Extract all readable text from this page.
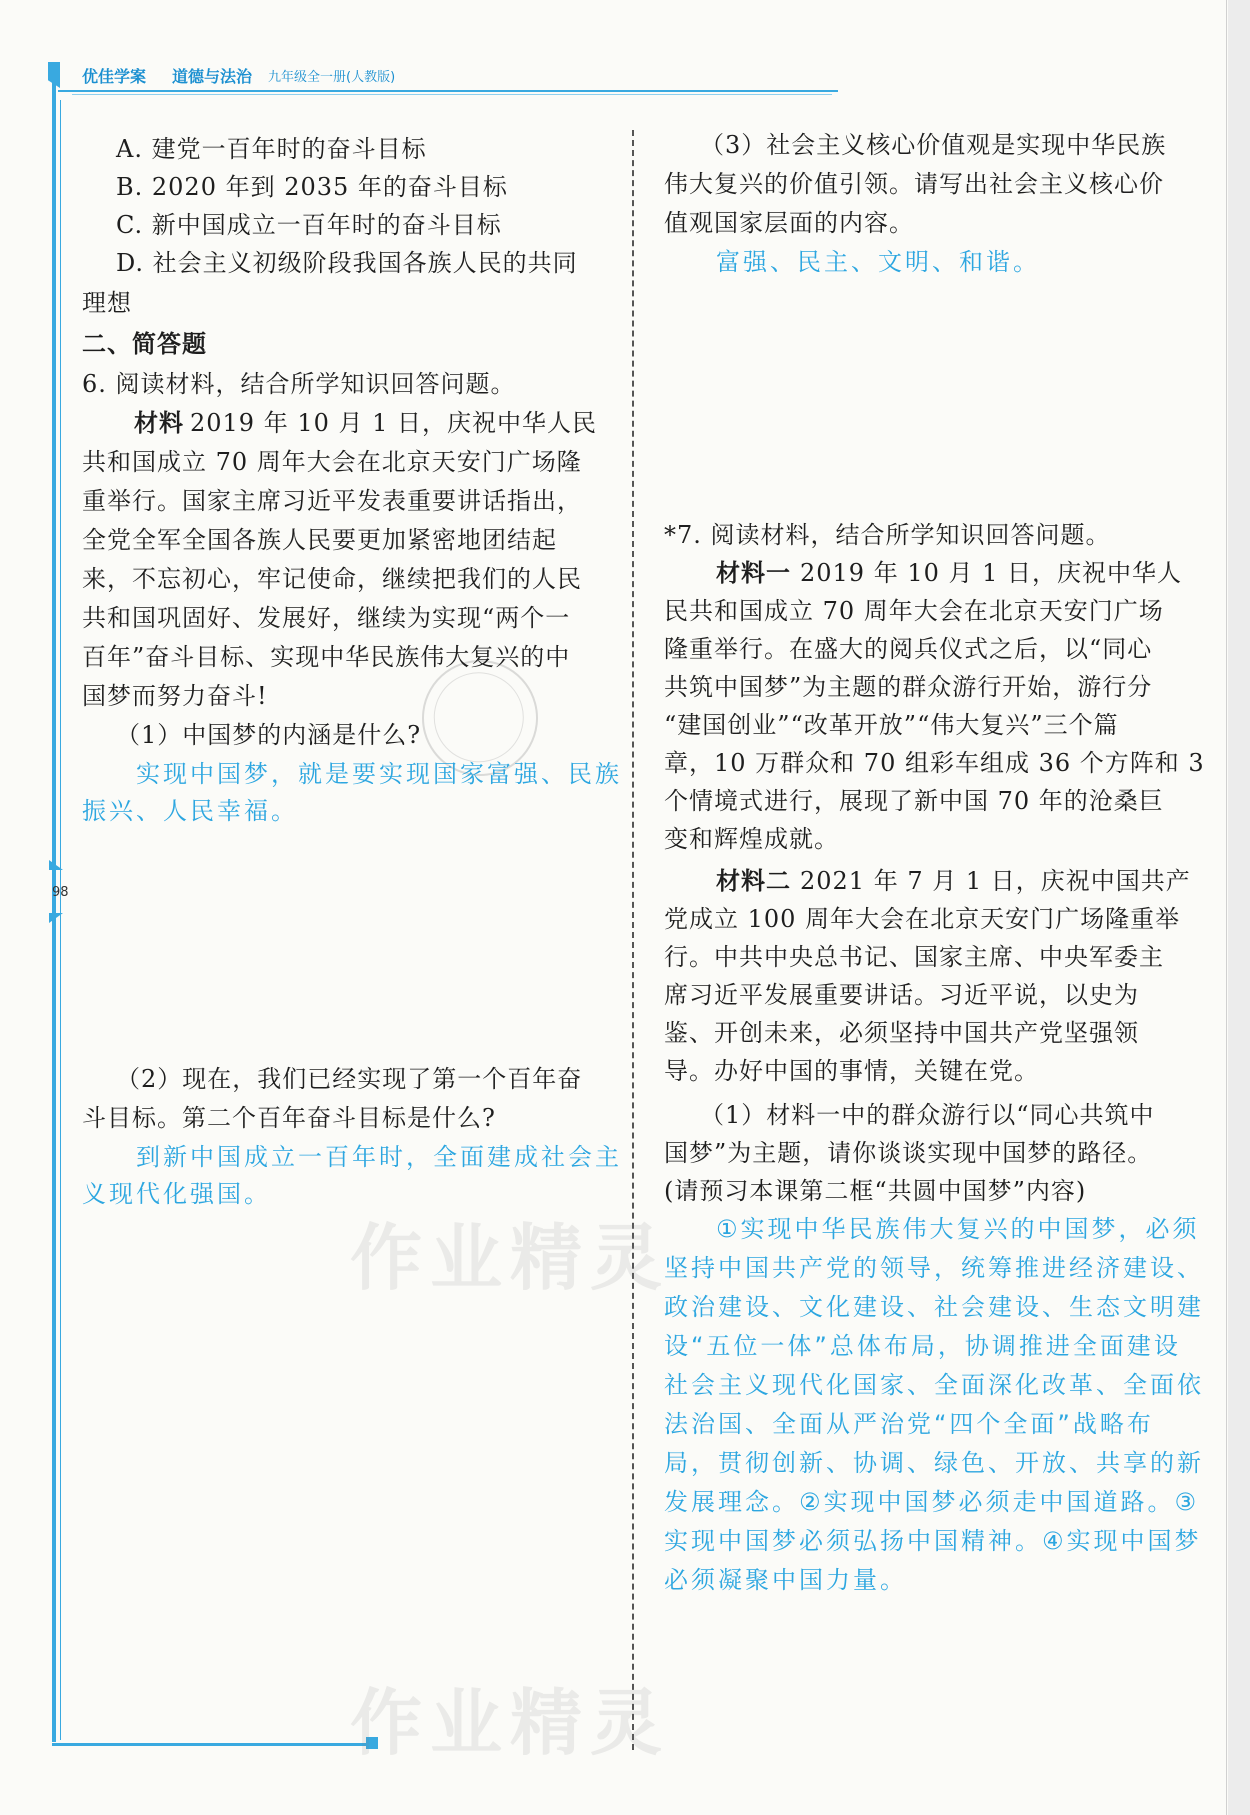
优佳学案 道德与法治 九年级全一册(人教版)
98
作业精灵
作业精灵
A. 建党一百年时的奋斗目标
B. 2020 年到 2035 年的奋斗目标
C. 新中国成立一百年时的奋斗目标
D. 社会主义初级阶段我国各族人民的共同
理想
二、简答题
6. 阅读材料，结合所学知识回答问题。
材料 2019 年 10 月 1 日，庆祝中华人民
共和国成立 70 周年大会在北京天安门广场隆
重举行。国家主席习近平发表重要讲话指出，
全党全军全国各族人民要更加紧密地团结起
来，不忘初心，牢记使命，继续把我们的人民
共和国巩固好、发展好，继续为实现“两个一
百年”奋斗目标、实现中华民族伟大复兴的中
国梦而努力奋斗!
（1）中国梦的内涵是什么?
实现中国梦，就是要实现国家富强、民族
振兴、人民幸福。
（2）现在，我们已经实现了第一个百年奋
斗目标。第二个百年奋斗目标是什么?
到新中国成立一百年时，全面建成社会主
义现代化强国。
（3）社会主义核心价值观是实现中华民族
伟大复兴的价值引领。请写出社会主义核心价
值观国家层面的内容。
富强、民主、文明、和谐。
*7. 阅读材料，结合所学知识回答问题。
材料一 2019 年 10 月 1 日，庆祝中华人
民共和国成立 70 周年大会在北京天安门广场
隆重举行。在盛大的阅兵仪式之后，以“同心
共筑中国梦”为主题的群众游行开始，游行分
“建国创业”“改革开放”“伟大复兴”三个篇
章，10 万群众和 70 组彩车组成 36 个方阵和 3
个情境式进行，展现了新中国 70 年的沧桑巨
变和辉煌成就。
材料二 2021 年 7 月 1 日，庆祝中国共产
党成立 100 周年大会在北京天安门广场隆重举
行。中共中央总书记、国家主席、中央军委主
席习近平发展重要讲话。习近平说，以史为
鉴、开创未来，必须坚持中国共产党坚强领
导。办好中国的事情，关键在党。
（1）材料一中的群众游行以“同心共筑中
国梦”为主题，请你谈谈实现中国梦的路径。
(请预习本课第二框“共圆中国梦”内容)
①实现中华民族伟大复兴的中国梦，必须
坚持中国共产党的领导，统筹推进经济建设、
政治建设、文化建设、社会建设、生态文明建
设“五位一体”总体布局，协调推进全面建设
社会主义现代化国家、全面深化改革、全面依
法治国、全面从严治党“四个全面”战略布
局，贯彻创新、协调、绿色、开放、共享的新
发展理念。②实现中国梦必须走中国道路。③
实现中国梦必须弘扬中国精神。④实现中国梦
必须凝聚中国力量。
